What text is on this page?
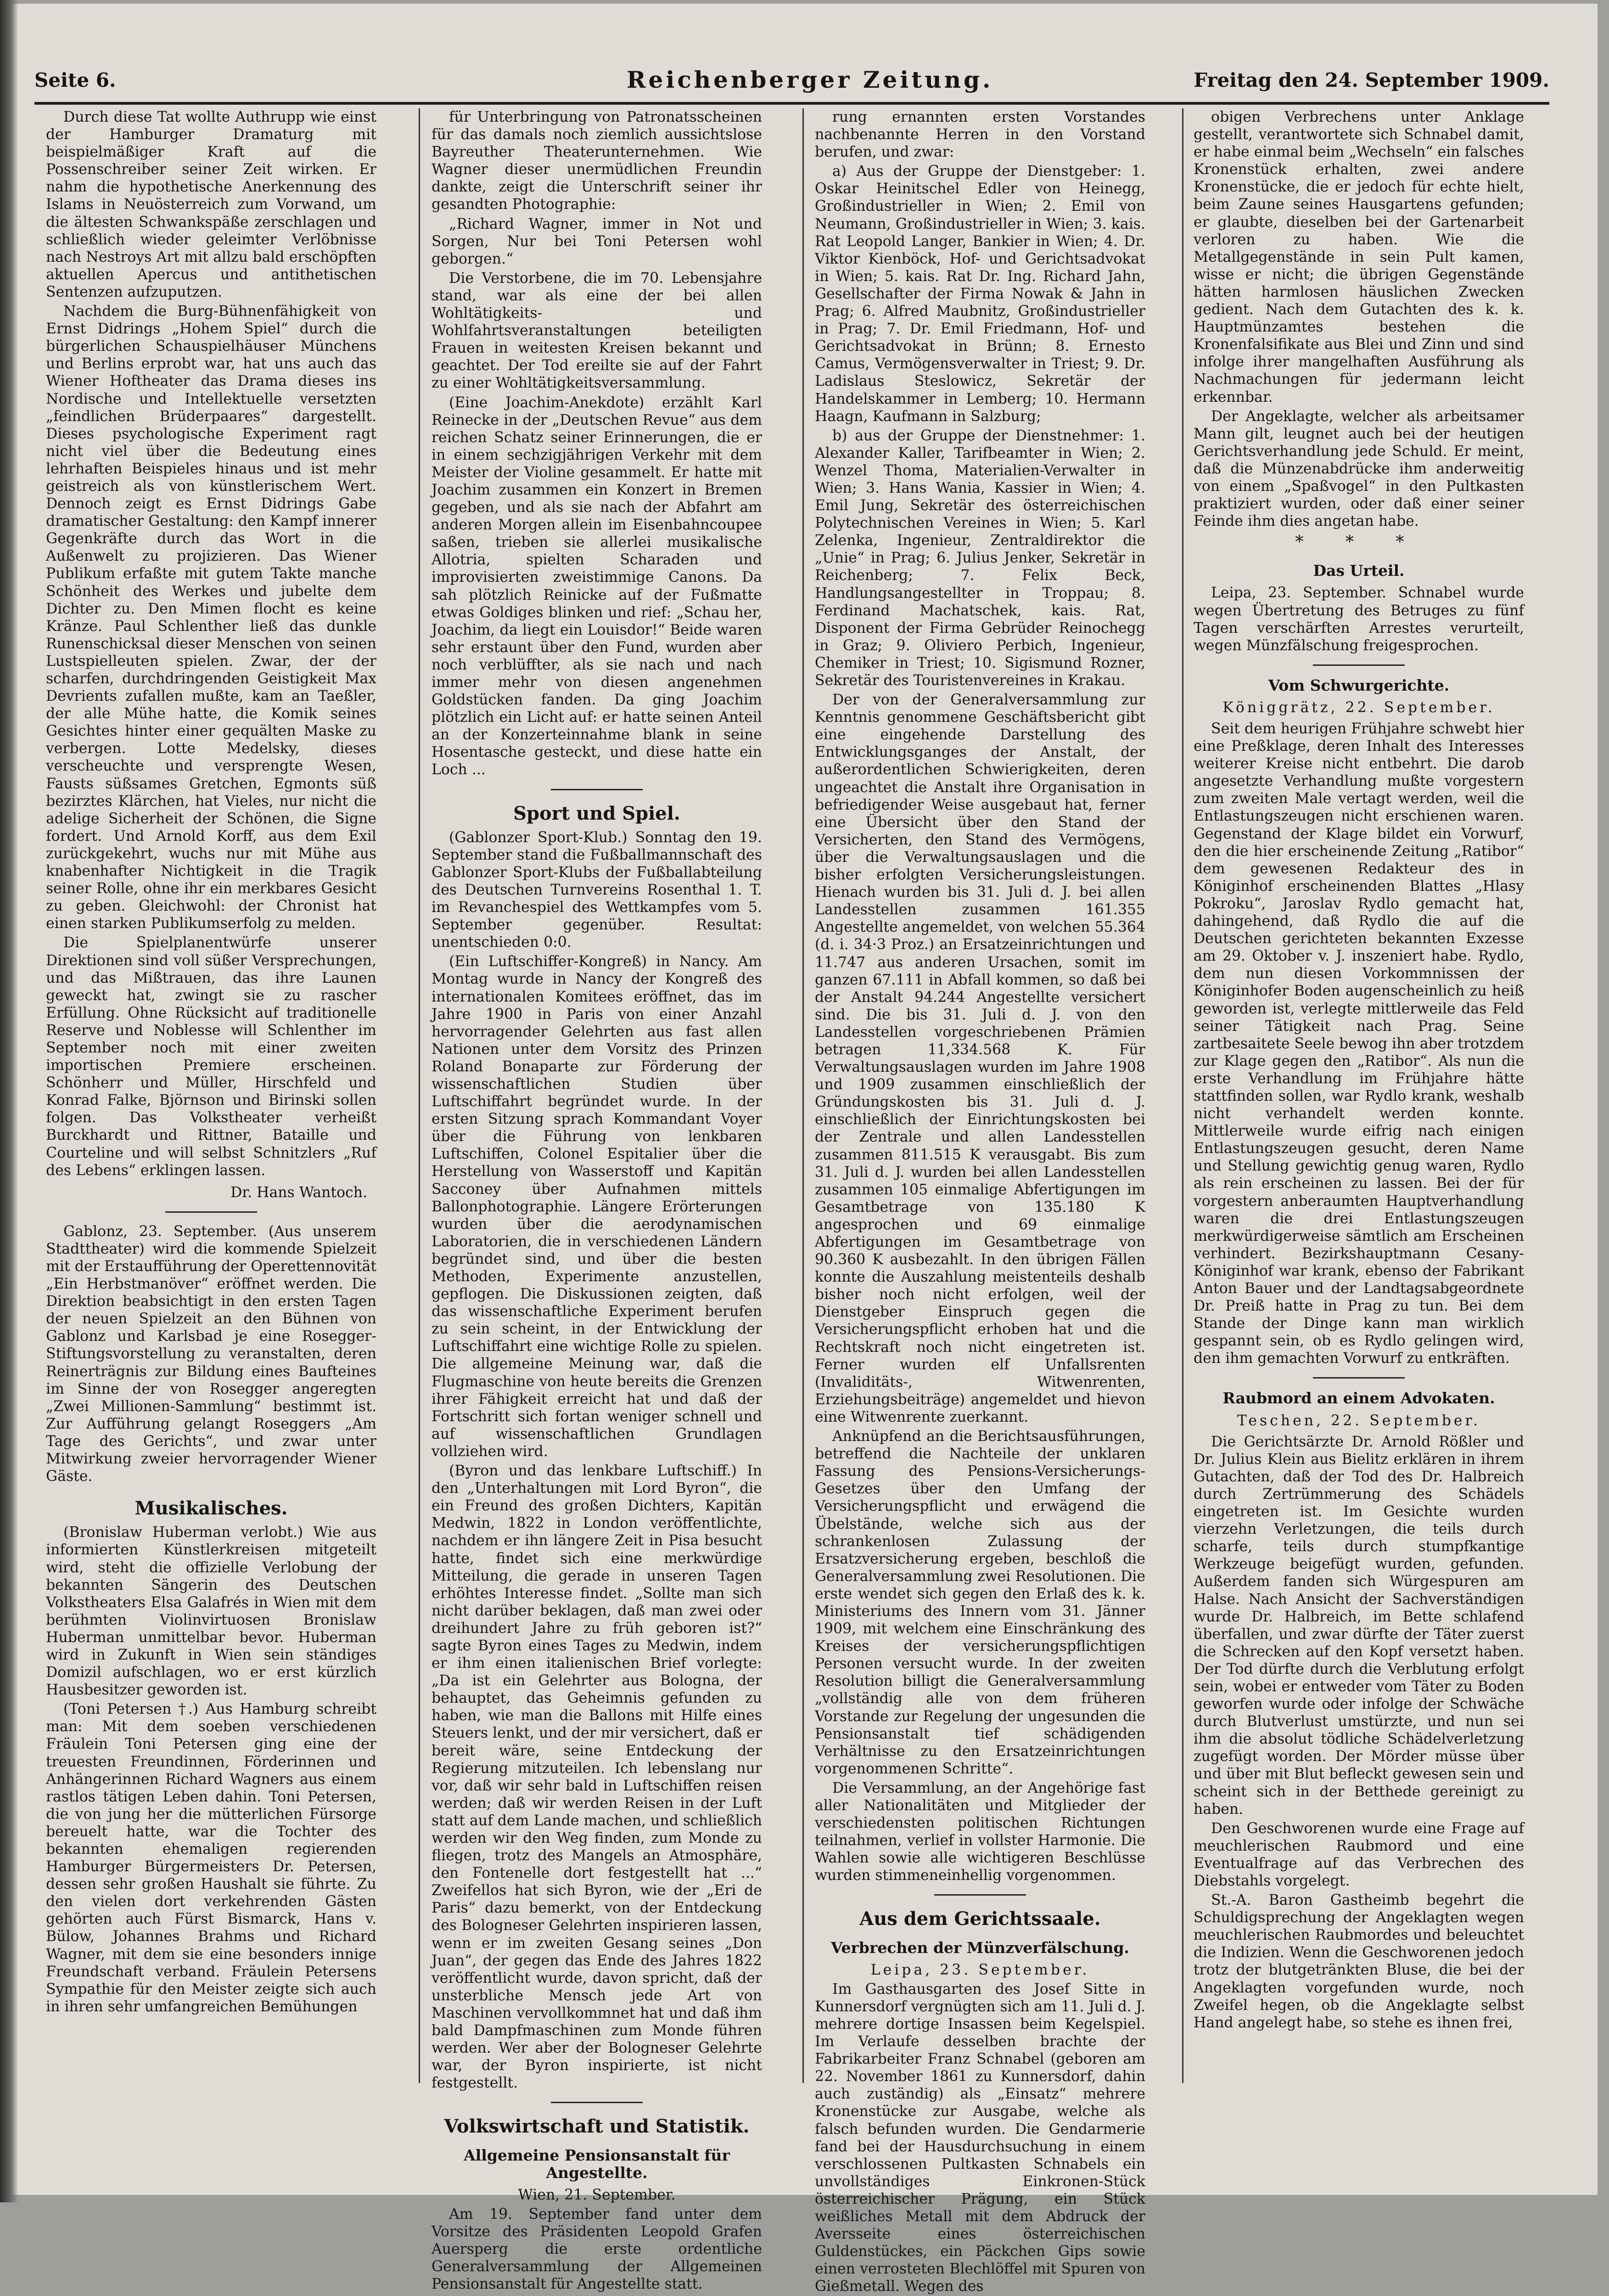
Seite 6.	Reichenberger Zeitung.	Freitag den 24. September 1909.

Durch diese Tat wollte Authrupp wie einst der Hamburger Dramaturg mit beispielmäßiger Kraft auf die Possenschreiber seiner Zeit wirken. Er nahm die hypothetische Anerkennung des Islams in Neuösterreich zum Vorwand, um die ältesten Schwankspäße zerschlagen und schließlich wieder geleimter Verlöbnisse nach Nestroys Art mit allzu bald erschöpften aktuellen Apercus und antithetischen Sentenzen aufzuputzen.

Nachdem die Burg-Bühnenfähigkeit von Ernst Didrings „Hohem Spiel“ durch die bürgerlichen Schauspielhäuser Münchens und Berlins erprobt war, hat uns auch das Wiener Hoftheater das Drama dieses ins Nordische und Intellektuelle versetzten „feindlichen Brüderpaares“ dargestellt. Dieses psychologische Experiment ragt nicht viel über die Bedeutung eines lehrhaften Beispieles hinaus und ist mehr geistreich als von künstlerischem Wert. Dennoch zeigt es Ernst Didrings Gabe dramatischer Gestaltung: den Kampf innerer Gegenkräfte durch das Wort in die Außenwelt zu projizieren. Das Wiener Publikum erfaßte mit gutem Takte manche Schönheit des Werkes und jubelte dem Dichter zu. Den Mimen flocht es keine Kränze. Paul Schlenther ließ das dunkle Runenschicksal dieser Menschen von seinen Lustspielleuten spielen. Zwar, der der scharfen, durchdringenden Geistigkeit Max Devrients zufallen mußte, kam an Taeßler, der alle Mühe hatte, die Komik seines Gesichtes hinter einer gequälten Maske zu verbergen. Lotte Medelsky, dieses verscheuchte und versprengte Wesen, Fausts süßsames Gretchen, Egmonts süß bezirztes Klärchen, hat Vieles, nur nicht die adelige Sicherheit der Schönen, die Signe fordert. Und Arnold Korff, aus dem Exil zurückgekehrt, wuchs nur mit Mühe aus knabenhafter Nichtigkeit in die Tragik seiner Rolle, ohne ihr ein merkbares Gesicht zu geben. Gleichwohl: der Chronist hat einen starken Publikumserfolg zu melden.

Die Spielplanentwürfe unserer Direktionen sind voll süßer Versprechungen, und das Mißtrauen, das ihre Launen geweckt hat, zwingt sie zu rascher Erfüllung. Ohne Rücksicht auf traditionelle Reserve und Noblesse will Schlenther im September noch mit einer zweiten importischen Premiere erscheinen. Schönherr und Müller, Hirschfeld und Konrad Falke, Björnson und Birinski sollen folgen. Das Volkstheater verheißt Burckhardt und Rittner, Bataille und Courteline und will selbst Schnitzlers „Ruf des Lebens“ erklingen lassen.

Dr. Hans Wantoch.

Gablonz, 23. September. (Aus unserem Stadttheater) wird die kommende Spielzeit mit der Erstaufführung der Operettennovität „Ein Herbstmanöver“ eröffnet werden. Die Direktion beabsichtigt in den ersten Tagen der neuen Spielzeit an den Bühnen von Gablonz und Karlsbad je eine Rosegger-Stiftungsvorstellung zu veranstalten, deren Reinerträgnis zur Bildung eines Baufteines im Sinne der von Rosegger angeregten „Zwei Millionen-Sammlung“ bestimmt ist. Zur Aufführung gelangt Roseggers „Am Tage des Gerichts“, und zwar unter Mitwirkung zweier hervorragender Wiener Gäste.

Musikalisches.

(Bronislaw Huberman verlobt.) Wie aus informierten Künstlerkreisen mitgeteilt wird, steht die offizielle Verlobung der bekannten Sängerin des Deutschen Volkstheaters Elsa Galafrés in Wien mit dem berühmten Violinvirtuosen Bronislaw Huberman unmittelbar bevor. Huberman wird in Zukunft in Wien sein ständiges Domizil aufschlagen, wo er erst kürzlich Hausbesitzer geworden ist.

(Toni Petersen †.) Aus Hamburg schreibt man: Mit dem soeben verschiedenen Fräulein Toni Petersen ging eine der treuesten Freundinnen, Förderinnen und Anhängerinnen Richard Wagners aus einem rastlos tätigen Leben dahin. Toni Petersen, die von jung her die mütterlichen Fürsorge bereuelt hatte, war die Tochter des bekannten ehemaligen regierenden Hamburger Bürgermeisters Dr. Petersen, dessen sehr großen Haushalt sie führte. Zu den vielen dort verkehrenden Gästen gehörten auch Fürst Bismarck, Hans v. Bülow, Johannes Brahms und Richard Wagner, mit dem sie eine besonders innige Freundschaft verband. Fräulein Petersens Sympathie für den Meister zeigte sich auch in ihren sehr umfangreichen Bemühungen

für Unterbringung von Patronatsscheinen für das damals noch ziemlich aussichtslose Bayreuther Theaterunternehmen. Wie Wagner dieser unermüdlichen Freundin dankte, zeigt die Unterschrift seiner ihr gesandten Photographie:

„Richard Wagner, immer in Not und Sorgen, Nur bei Toni Petersen wohl geborgen.“

Die Verstorbene, die im 70. Lebensjahre stand, war als eine der bei allen Wohltätigkeits- und Wohlfahrtsveranstaltungen beteiligten Frauen in weitesten Kreisen bekannt und geachtet. Der Tod ereilte sie auf der Fahrt zu einer Wohltätigkeitsversammlung.

(Eine Joachim-Anekdote) erzählt Karl Reinecke in der „Deutschen Revue“ aus dem reichen Schatz seiner Erinnerungen, die er in einem sechzigjährigen Verkehr mit dem Meister der Violine gesammelt. Er hatte mit Joachim zusammen ein Konzert in Bremen gegeben, und als sie nach der Abfahrt am anderen Morgen allein im Eisenbahncoupee saßen, trieben sie allerlei musikalische Allotria, spielten Scharaden und improvisierten zweistimmige Canons. Da sah plötzlich Reinicke auf der Fußmatte etwas Goldiges blinken und rief: „Schau her, Joachim, da liegt ein Louisdor!“ Beide waren sehr erstaunt über den Fund, wurden aber noch verblüffter, als sie nach und nach immer mehr von diesen angenehmen Goldstücken fanden. Da ging Joachim plötzlich ein Licht auf: er hatte seinen Anteil an der Konzerteinnahme blank in seine Hosentasche gesteckt, und diese hatte ein Loch ...

Sport und Spiel.

(Gablonzer Sport-Klub.) Sonntag den 19. September stand die Fußballmannschaft des Gablonzer Sport-Klubs der Fußballabteilung des Deutschen Turnvereins Rosenthal 1. T. im Revanchespiel des Wettkampfes vom 5. September gegenüber. Resultat: unentschieden 0:0.

(Ein Luftschiffer-Kongreß) in Nancy. Am Montag wurde in Nancy der Kongreß des internationalen Komitees eröffnet, das im Jahre 1900 in Paris von einer Anzahl hervorragender Gelehrten aus fast allen Nationen unter dem Vorsitz des Prinzen Roland Bonaparte zur Förderung der wissenschaftlichen Studien über Luftschiffahrt begründet wurde. In der ersten Sitzung sprach Kommandant Voyer über die Führung von lenkbaren Luftschiffen, Colonel Espitalier über die Herstellung von Wasserstoff und Kapitän Sacconey über Aufnahmen mittels Ballonphotographie. Längere Erörterungen wurden über die aerodynamischen Laboratorien, die in verschiedenen Ländern begründet sind, und über die besten Methoden, Experimente anzustellen, gepflogen. Die Diskussionen zeigten, daß das wissenschaftliche Experiment berufen zu sein scheint, in der Entwicklung der Luftschiffahrt eine wichtige Rolle zu spielen. Die allgemeine Meinung war, daß die Flugmaschine von heute bereits die Grenzen ihrer Fähigkeit erreicht hat und daß der Fortschritt sich fortan weniger schnell und auf wissenschaftlichen Grundlagen vollziehen wird.

(Byron und das lenkbare Luftschiff.) In den „Unterhaltungen mit Lord Byron“, die ein Freund des großen Dichters, Kapitän Medwin, 1822 in London veröffentlichte, nachdem er ihn längere Zeit in Pisa besucht hatte, findet sich eine merkwürdige Mitteilung, die gerade in unseren Tagen erhöhtes Interesse findet. „Sollte man sich nicht darüber beklagen, daß man zwei oder dreihundert Jahre zu früh geboren ist?“ sagte Byron eines Tages zu Medwin, indem er ihm einen italienischen Brief vorlegte: „Da ist ein Gelehrter aus Bologna, der behauptet, das Geheimnis gefunden zu haben, wie man die Ballons mit Hilfe eines Steuers lenkt, und der mir versichert, daß er bereit wäre, seine Entdeckung der Regierung mitzuteilen. Ich lebenslang nur vor, daß wir sehr bald in Luftschiffen reisen werden; daß wir werden Reisen in der Luft statt auf dem Lande machen, und schließlich werden wir den Weg finden, zum Monde zu fliegen, trotz des Mangels an Atmosphäre, den Fontenelle dort festgestellt hat ...“ Zweifellos hat sich Byron, wie der „Eri de Paris“ dazu bemerkt, von der Entdeckung des Bologneser Gelehrten inspirieren lassen, wenn er im zweiten Gesang seines „Don Juan“, der gegen das Ende des Jahres 1822 veröffentlicht wurde, davon spricht, daß der unsterbliche Mensch jede Art von Maschinen vervollkommnet hat und daß ihm bald Dampfmaschinen zum Monde führen werden. Wer aber der Bologneser Gelehrte war, der Byron inspirierte, ist nicht festgestellt.

Volkswirtschaft und Statistik.
Allgemeine Pensionsanstalt für Angestellte.

Wien, 21. September.

Am 19. September fand unter dem Vorsitze des Präsidenten Leopold Grafen Auersperg die erste ordentliche Generalversammlung der Allgemeinen Pensionsanstalt für Angestellte statt.

rung ernannten ersten Vorstandes nachbenannte Herren in den Vorstand berufen, und zwar:

a) Aus der Gruppe der Dienstgeber: 1. Oskar Heinitschel Edler von Heinegg, Großindustrieller in Wien; 2. Emil von Neumann, Großindustrieller in Wien; 3. kais. Rat Leopold Langer, Bankier in Wien; 4. Dr. Viktor Kienböck, Hof- und Gerichtsadvokat in Wien; 5. kais. Rat Dr. Ing. Richard Jahn, Gesellschafter der Firma Nowak & Jahn in Prag; 6. Alfred Maubnitz, Großindustrieller in Prag; 7. Dr. Emil Friedmann, Hof- und Gerichtsadvokat in Brünn; 8. Ernesto Camus, Vermögensverwalter in Triest; 9. Dr. Ladislaus Steslowicz, Sekretär der Handelskammer in Lemberg; 10. Hermann Haagn, Kaufmann in Salzburg;

b) aus der Gruppe der Dienstnehmer: 1. Alexander Kaller, Tarifbeamter in Wien; 2. Wenzel Thoma, Materialien-Verwalter in Wien; 3. Hans Wania, Kassier in Wien; 4. Emil Jung, Sekretär des österreichischen Polytechnischen Vereines in Wien; 5. Karl Zelenka, Ingenieur, Zentraldirektor die „Unie“ in Prag; 6. Julius Jenker, Sekretär in Reichenberg; 7. Felix Beck, Handlungsangestellter in Troppau; 8. Ferdinand Machatschek, kais. Rat, Disponent der Firma Gebrüder Reinochegg in Graz; 9. Oliviero Perbich, Ingenieur, Chemiker in Triest; 10. Sigismund Rozner, Sekretär des Touristenvereines in Krakau.

Der von der Generalversammlung zur Kenntnis genommene Geschäftsbericht gibt eine eingehende Darstellung des Entwicklungsganges der Anstalt, der außerordentlichen Schwierigkeiten, deren ungeachtet die Anstalt ihre Organisation in befriedigender Weise ausgebaut hat, ferner eine Übersicht über den Stand der Versicherten, den Stand des Vermögens, über die Verwaltungsauslagen und die bisher erfolgten Versicherungsleistungen. Hienach wurden bis 31. Juli d. J. bei allen Landesstellen zusammen 161.355 Angestellte angemeldet, von welchen 55.364 (d. i. 34·3 Proz.) an Ersatzeinrichtungen und 11.747 aus anderen Ursachen, somit im ganzen 67.111 in Abfall kommen, so daß bei der Anstalt 94.244 Angestellte versichert sind. Die bis 31. Juli d. J. von den Landesstellen vorgeschriebenen Prämien betragen 11,334.568 K. Für Verwaltungsauslagen wurden im Jahre 1908 und 1909 zusammen einschließlich der Gründungskosten bis 31. Juli d. J. einschließlich der Einrichtungskosten bei der Zentrale und allen Landesstellen zusammen 811.515 K verausgabt. Bis zum 31. Juli d. J. wurden bei allen Landesstellen zusammen 105 einmalige Abfertigungen im Gesamtbetrage von 135.180 K angesprochen und 69 einmalige Abfertigungen im Gesamtbetrage von 90.360 K ausbezahlt. In den übrigen Fällen konnte die Auszahlung meistenteils deshalb bisher noch nicht erfolgen, weil der Dienstgeber Einspruch gegen die Versicherungspflicht erhoben hat und die Rechtskraft noch nicht eingetreten ist. Ferner wurden elf Unfallsrenten (Invaliditäts-, Witwenrenten, Erziehungsbeiträge) angemeldet und hievon eine Witwenrente zuerkannt.

Anknüpfend an die Berichtsausführungen, betreffend die Nachteile der unklaren Fassung des Pensions-Versicherungs-Gesetzes über den Umfang der Versicherungspflicht und erwägend die Übelstände, welche sich aus der schrankenlosen Zulassung der Ersatzversicherung ergeben, beschloß die Generalversammlung zwei Resolutionen. Die erste wendet sich gegen den Erlaß des k. k. Ministeriums des Innern vom 31. Jänner 1909, mit welchem eine Einschränkung des Kreises der versicherungspflichtigen Personen versucht wurde. In der zweiten Resolution billigt die Generalversammlung „vollständig alle von dem früheren Vorstande zur Regelung der ungesunden die Pensionsanstalt tief schädigenden Verhältnisse zu den Ersatzeinrichtungen vorgenommenen Schritte“.

Die Versammlung, an der Angehörige fast aller Nationalitäten und Mitglieder der verschiedensten politischen Richtungen teilnahmen, verlief in vollster Harmonie. Die Wahlen sowie alle wichtigeren Beschlüsse wurden stimmeneinhellig vorgenommen.

Aus dem Gerichtssaale.
Verbrechen der Münzverfälschung.

Leipa, 23. September.

Im Gasthausgarten des Josef Sitte in Kunnersdorf vergnügten sich am 11. Juli d. J. mehrere dortige Insassen beim Kegelspiel. Im Verlaufe desselben brachte der Fabrikarbeiter Franz Schnabel (geboren am 22. November 1861 zu Kunnersdorf, dahin auch zuständig) als „Einsatz“ mehrere Kronenstücke zur Ausgabe, welche als falsch befunden wurden. Die Gendarmerie fand bei der Hausdurchsuchung in einem verschlossenen Pultkasten Schnabels ein unvollständiges Einkronen-Stück österreichischer Prägung, ein Stück weißliches Metall mit dem Abdruck der Aversseite eines österreichischen Guldenstückes, ein Päckchen Gips sowie einen verrosteten Blechlöffel mit Spuren von Gießmetall. Wegen des

obigen Verbrechens unter Anklage gestellt, verantwortete sich Schnabel damit, er habe einmal beim „Wechseln“ ein falsches Kronenstück erhalten, zwei andere Kronenstücke, die er jedoch für echte hielt, beim Zaune seines Hausgartens gefunden; er glaubte, dieselben bei der Gartenarbeit verloren zu haben. Wie die Metallgegenstände in sein Pult kamen, wisse er nicht; die übrigen Gegenstände hätten harmlosen häuslichen Zwecken gedient. Nach dem Gutachten des k. k. Hauptmünzamtes bestehen die Kronenfalsifikate aus Blei und Zinn und sind infolge ihrer mangelhaften Ausführung als Nachmachungen für jedermann leicht erkennbar.

Der Angeklagte, welcher als arbeitsamer Mann gilt, leugnet auch bei der heutigen Gerichtsverhandlung jede Schuld. Er meint, daß die Münzenabdrücke ihm anderweitig von einem „Spaßvogel“ in den Pultkasten praktiziert wurden, oder daß einer seiner Feinde ihm dies angetan habe.

* * *
Das Urteil.

Leipa, 23. September. Schnabel wurde wegen Übertretung des Betruges zu fünf Tagen verschärften Arrestes verurteilt, wegen Münzfälschung freigesprochen.

Vom Schwurgerichte.

Königgrätz, 22. September.

Seit dem heurigen Frühjahre schwebt hier eine Preßklage, deren Inhalt des Interesses weiterer Kreise nicht entbehrt. Die darob angesetzte Verhandlung mußte vorgestern zum zweiten Male vertagt werden, weil die Entlastungszeugen nicht erschienen waren. Gegenstand der Klage bildet ein Vorwurf, den die hier erscheinende Zeitung „Ratibor“ dem gewesenen Redakteur des in Königinhof erscheinenden Blattes „Hlasy Pokroku“, Jaroslav Rydlo gemacht hat, dahingehend, daß Rydlo die auf die Deutschen gerichteten bekannten Exzesse am 29. Oktober v. J. inszeniert habe. Rydlo, dem nun diesen Vorkommnissen der Königinhofer Boden augenscheinlich zu heiß geworden ist, verlegte mittlerweile das Feld seiner Tätigkeit nach Prag. Seine zartbesaitete Seele bewog ihn aber trotzdem zur Klage gegen den „Ratibor“. Als nun die erste Verhandlung im Frühjahre hätte stattfinden sollen, war Rydlo krank, weshalb nicht verhandelt werden konnte. Mittlerweile wurde eifrig nach einigen Entlastungszeugen gesucht, deren Name und Stellung gewichtig genug waren, Rydlo als rein erscheinen zu lassen. Bei der für vorgestern anberaumten Hauptverhandlung waren die drei Entlastungszeugen merkwürdigerweise sämtlich am Erscheinen verhindert. Bezirkshauptmann Cesany-Königinhof war krank, ebenso der Fabrikant Anton Bauer und der Landtagsabgeordnete Dr. Preiß hatte in Prag zu tun. Bei dem Stande der Dinge kann man wirklich gespannt sein, ob es Rydlo gelingen wird, den ihm gemachten Vorwurf zu entkräften.

Raubmord an einem Advokaten.

Teschen, 22. September.

Die Gerichtsärzte Dr. Arnold Rößler und Dr. Julius Klein aus Bielitz erklären in ihrem Gutachten, daß der Tod des Dr. Halbreich durch Zertrümmerung des Schädels eingetreten ist. Im Gesichte wurden vierzehn Verletzungen, die teils durch scharfe, teils durch stumpfkantige Werkzeuge beigefügt wurden, gefunden. Außerdem fanden sich Würgespuren am Halse. Nach Ansicht der Sachverständigen wurde Dr. Halbreich, im Bette schlafend überfallen, und zwar dürfte der Täter zuerst die Schrecken auf den Kopf versetzt haben. Der Tod dürfte durch die Verblutung erfolgt sein, wobei er entweder vom Täter zu Boden geworfen wurde oder infolge der Schwäche durch Blutverlust umstürzte, und nun sei ihm die absolut tödliche Schädelverletzung zugefügt worden. Der Mörder müsse über und über mit Blut befleckt gewesen sein und scheint sich in der Betthede gereinigt zu haben.

Den Geschworenen wurde eine Frage auf meuchlerischen Raubmord und eine Eventualfrage auf das Verbrechen des Diebstahls vorgelegt.

St.-A. Baron Gastheimb begehrt die Schuldigsprechung der Angeklagten wegen meuchlerischen Raubmordes und beleuchtet die Indizien. Wenn die Geschworenen jedoch trotz der blutgetränkten Bluse, die bei der Angeklagten vorgefunden wurde, noch Zweifel hegen, ob die Angeklagte selbst Hand angelegt habe, so stehe es ihnen frei,
